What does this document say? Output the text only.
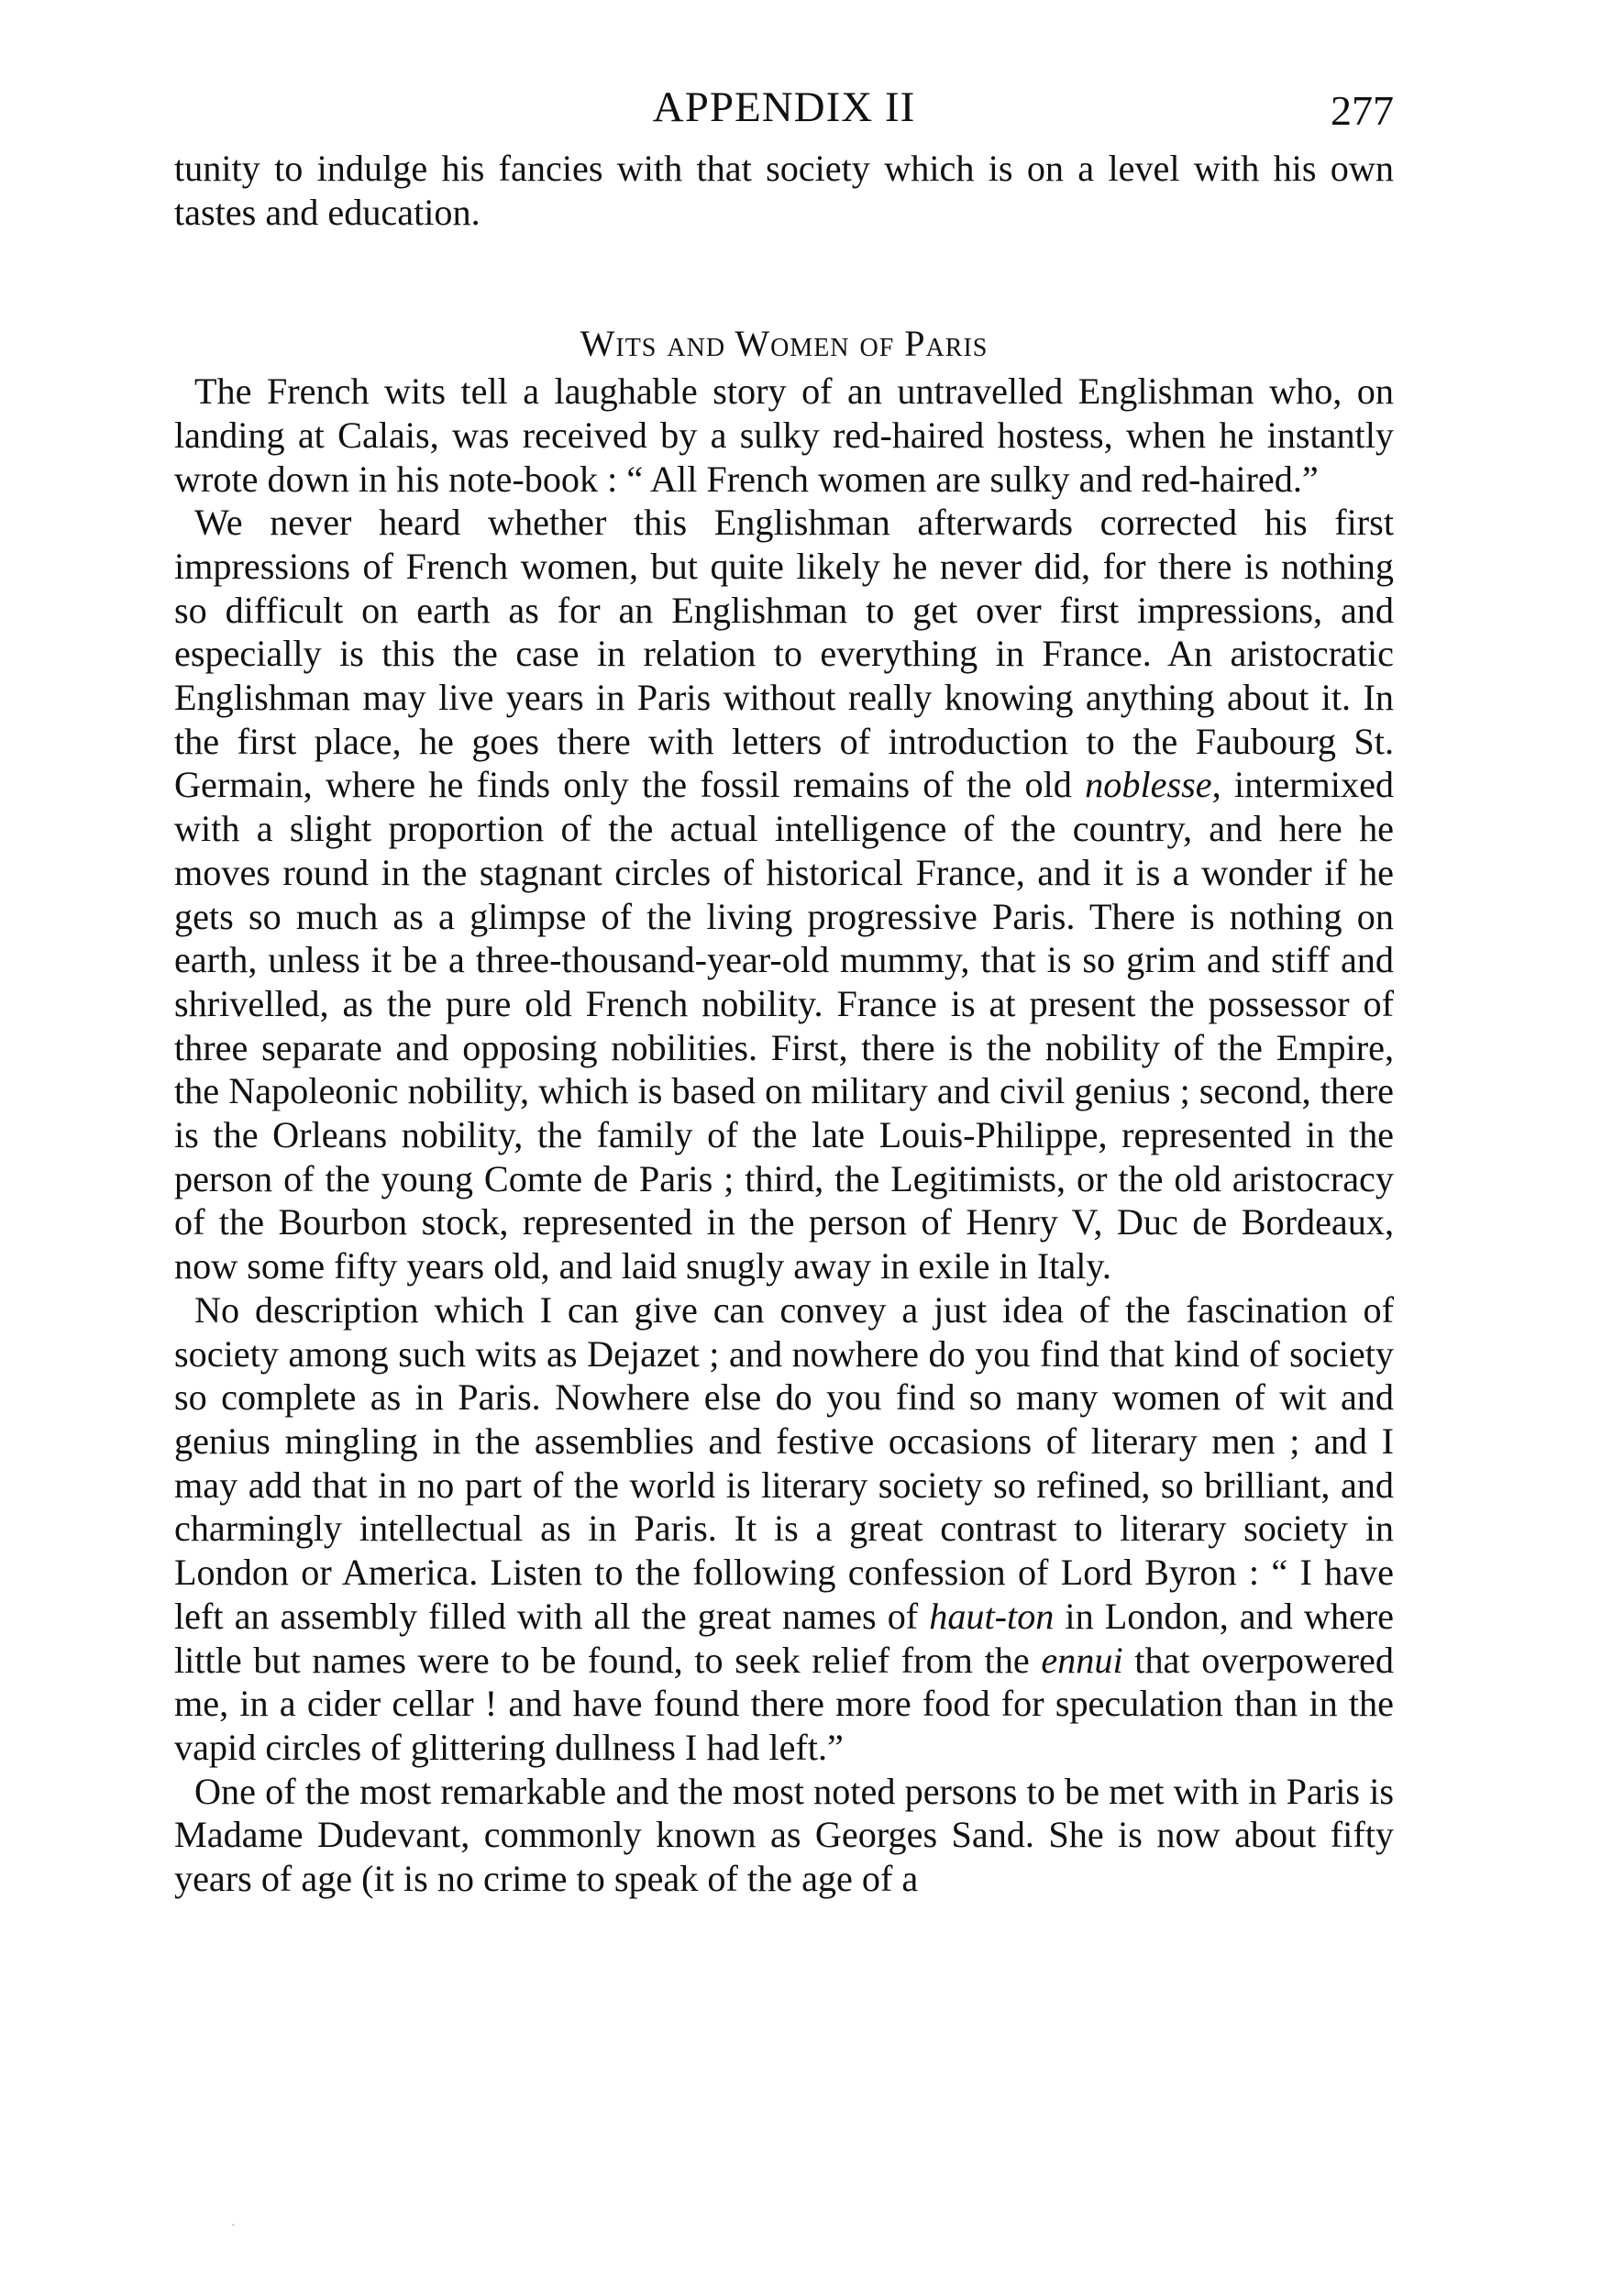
APPENDIX II	277

tunity to indulge his fancies with that society which is on a level with his own tastes and education.

Wits and Women of Paris

The French wits tell a laughable story of an untravelled Englishman who, on landing at Calais, was received by a sulky red-haired hostess, when he instantly wrote down in his note-book : “ All French women are sulky and red-haired.”

We never heard whether this Englishman afterwards corrected his first impressions of French women, but quite likely he never did, for there is nothing so difficult on earth as for an Englishman to get over first impressions, and especially is this the case in relation to everything in France. An aristocratic Englishman may live years in Paris without really knowing anything about it. In the first place, he goes there with letters of introduction to the Faubourg St. Germain, where he finds only the fossil remains of the old noblesse, intermixed with a slight proportion of the actual intelligence of the country, and here he moves round in the stagnant circles of historical France, and it is a wonder if he gets so much as a glimpse of the living progressive Paris. There is nothing on earth, unless it be a three-thousand-year-old mummy, that is so grim and stiff and shrivelled, as the pure old French nobility. France is at present the possessor of three separate and opposing nobilities. First, there is the nobility of the Empire, the Napoleonic nobility, which is based on military and civil genius ; second, there is the Orleans nobility, the family of the late Louis-Philippe, represented in the person of the young Comte de Paris ; third, the Legitimists, or the old aristocracy of the Bourbon stock, represented in the person of Henry V, Duc de Bordeaux, now some fifty years old, and laid snugly away in exile in Italy.

No description which I can give can convey a just idea of the fascination of society among such wits as Dejazet ; and nowhere do you find that kind of society so complete as in Paris. Nowhere else do you find so many women of wit and genius mingling in the assemblies and festive occasions of literary men ; and I may add that in no part of the world is literary society so refined, so brilliant, and charmingly intellectual as in Paris. It is a great contrast to literary society in London or America. Listen to the following confession of Lord Byron : “ I have left an assembly filled with all the great names of haut-ton in London, and where little but names were to be found, to seek relief from the ennui that overpowered me, in a cider cellar ! and have found there more food for speculation than in the vapid circles of glittering dullness I had left.”

One of the most remarkable and the most noted persons to be met with in Paris is Madame Dudevant, commonly known as Georges Sand. She is now about fifty years of age (it is no crime to speak of the age of a

·
